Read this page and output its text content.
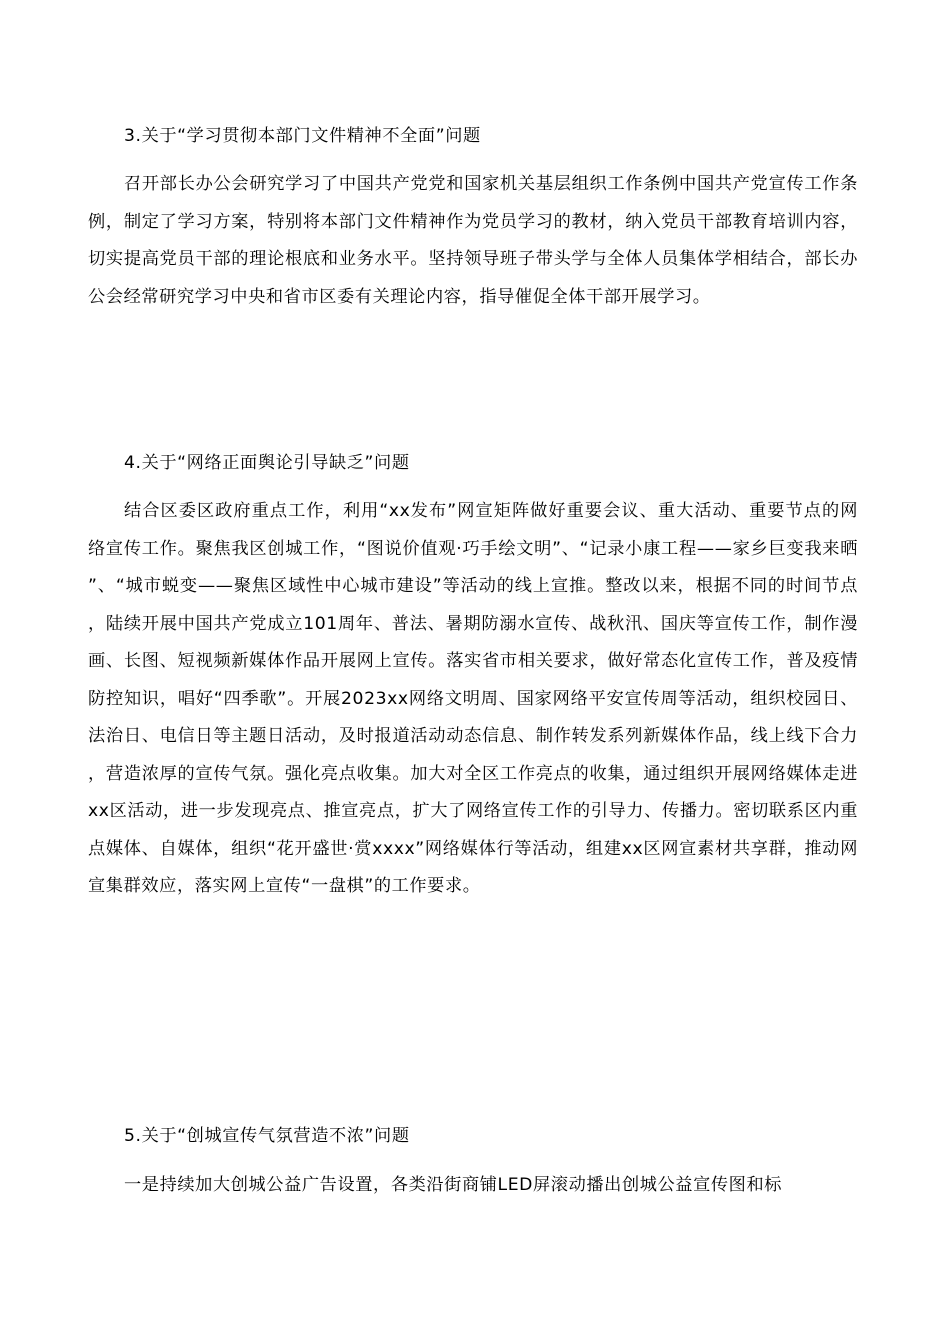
3.关于“学习贯彻本部门文件精神不全面”问题

召开部长办公会研究学习了中国共产党党和国家机关基层组织工作条例中国共产党宣传工作条例，制定了学习方案，特别将本部门文件精神作为党员学习的教材，纳入党员干部教育培训内容，切实提高党员干部的理论根底和业务水平。坚持领导班子带头学与全体人员集体学相结合，部长办公会经常研究学习中央和省市区委有关理论内容，指导催促全体干部开展学习。

4.关于“网络正面舆论引导缺乏”问题

结合区委区政府重点工作，利用“xx发布”网宣矩阵做好重要会议、重大活动、重要节点的网络宣传工作。聚焦我区创城工作，“图说价值观·巧手绘文明”、“记录小康工程——家乡巨变我来晒”、“城市蜕变——聚焦区域性中心城市建设”等活动的线上宣推。整改以来，根据不同的时间节点，陆续开展中国共产党成立101周年、普法、暑期防溺水宣传、战秋汛、国庆等宣传工作，制作漫画、长图、短视频新媒体作品开展网上宣传。落实省市相关要求，做好常态化宣传工作，普及疫情防控知识，唱好“四季歌”。开展2023xx网络文明周、国家网络平安宣传周等活动，组织校园日、法治日、电信日等主题日活动，及时报道活动动态信息、制作转发系列新媒体作品，线上线下合力，营造浓厚的宣传气氛。强化亮点收集。加大对全区工作亮点的收集，通过组织开展网络媒体走进xx区活动，进一步发现亮点、推宣亮点，扩大了网络宣传工作的引导力、传播力。密切联系区内重点媒体、自媒体，组织“花开盛世·赏xxxx”网络媒体行等活动，组建xx区网宣素材共享群，推动网宣集群效应，落实网上宣传“一盘棋”的工作要求。

5.关于“创城宣传气氛营造不浓”问题

一是持续加大创城公益广告设置，各类沿街商铺LED屏滚动播出创城公益宣传图和标
